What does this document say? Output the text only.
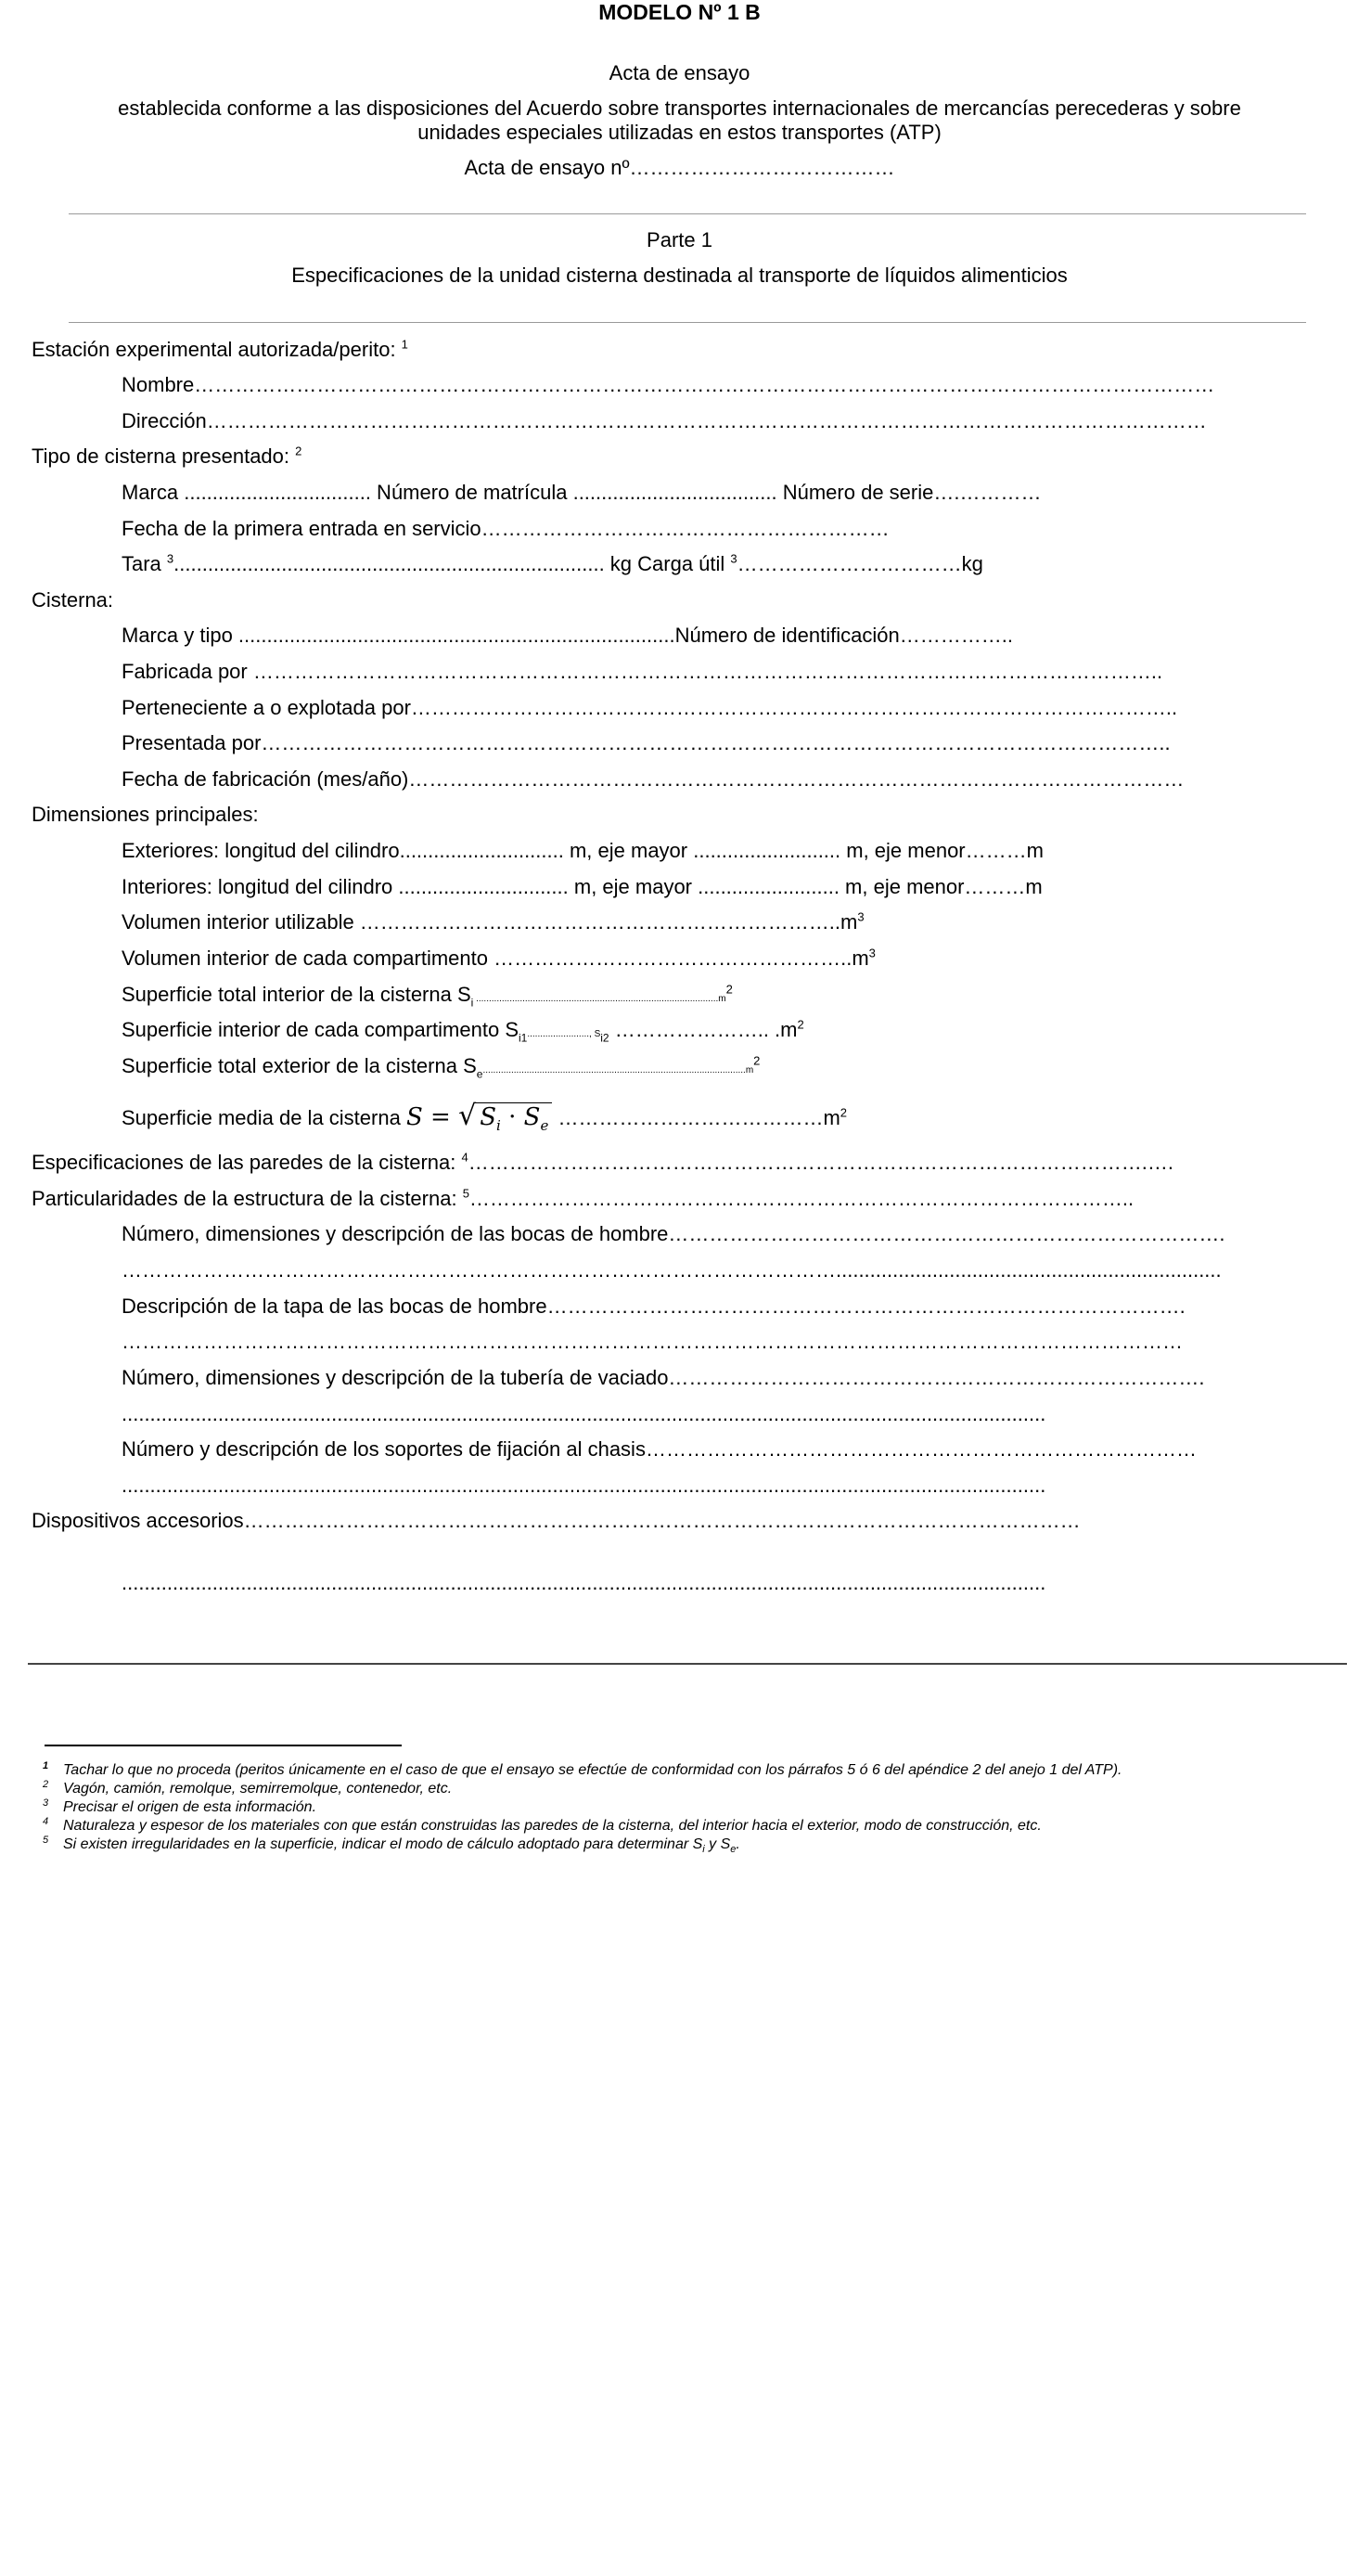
MODELO Nº 1 B
Acta de ensayo
establecida conforme a las disposiciones del Acuerdo sobre transportes internacionales de mercancías perecederas y sobre
unidades especiales utilizadas en estos transportes (ATP)
Acta de ensayo nº…………………………………
Parte 1
Especificaciones de la unidad cisterna destinada al transporte de líquidos alimenticios
Estación experimental autorizada/perito: $^1$
Nombre……………………………………………………………………………………………………………………………………
Dirección…………………………………………………………………………………………………………………………………
Tipo de cisterna presentado: $^2$
Marca ................................. Número de matrícula .................................... Número de serie….…………
Fecha de la primera entrada en servicio……………………………………………………
Tara $^3$............................................................................ kg Carga útil $^3$……………………………kg
Cisterna:
Marca y tipo .............................................................................Número de identificación……………..
Fabricada por ……………………………………………………………………………………………………………………..
Perteneciente a o explotada por…………………………………………………………………………………………………..
Presentada por……………………………………………………………………………………………………………………..
Fecha de fabricación (mes/año)……………………………………………………………………………………………………
Dimensiones principales:
Exteriores: longitud del cilindro............................. m, eje mayor .......................... m, eje menor………m
Interiores: longitud del cilindro .............................. m, eje mayor ......................... m, eje menor………m
Volumen interior utilizable $\dots\dots\dots\dots\dots\dots\dots\dots\dots\dots\dots\dots\dots\dots\dots\dots\dots\dots\dots\dots\dots\dots\dots..m^3$
Volumen interior de cada compartimento $\dots\dots\dots\dots\dots\dots\dots\dots\dots\dots\dots\dots\dots\dots\dots\dots\dots..m^3$
Superficie total interior de la cisterna $S_i$ $..............................................................................................m^2$
Superficie interior de cada compartimento $S_{i1}$........................, $S_{i2}$ ………………….. $.m^2$
Superficie total exterior de la cisterna $S_e......................................................................................................m^2$
Superficie media de la cisterna S = √ $S_i \cdot S_e$ $\dots\dots\dots\dots\dots\dots\dots\dots\dots\dots\dots\dots\dots m^2$
Especificaciones de las paredes de la cisterna: $^4$……………………………………………………………………………………….….
Particularidades de la estructura de la cisterna: $^5$……………………………………………………………………………………..
Número, dimensiones y descripción de las bocas de hombre……………………………………………………………………….
……………………………………………………………………………………………....................................................................
Descripción de la tapa de las bocas de hombre………………………………………………………………………………….
…………………………………………………………………………………………………………………………………………
Número, dimensiones y descripción de la tubería de vaciado…………………………………………………………………….
...................................................................................................................................................................
Número y descripción de los soportes de fijación al chasis………………………………………………………………………
...................................................................................................................................................................
Dispositivos accesorios……………………………………………………………………………………………………………
...................................................................................................................................................................
1 Tachar lo que no proceda (peritos únicamente en el caso de que el ensayo se efectúe de conformidad con los párrafos 5 ó 6 del apéndice 2 del anejo 1 del ATP).
2 Vagón, camión, remolque, semirremolque, contenedor, etc.
3 Precisar el origen de esta información.
4 Naturaleza y espesor de los materiales con que están construidas las paredes de la cisterna, del interior hacia el exterior, modo de construcción, etc.
5 Si existen irregularidades en la superficie, indicar el modo de cálculo adoptado para determinar $S_i$ y $S_e$.
